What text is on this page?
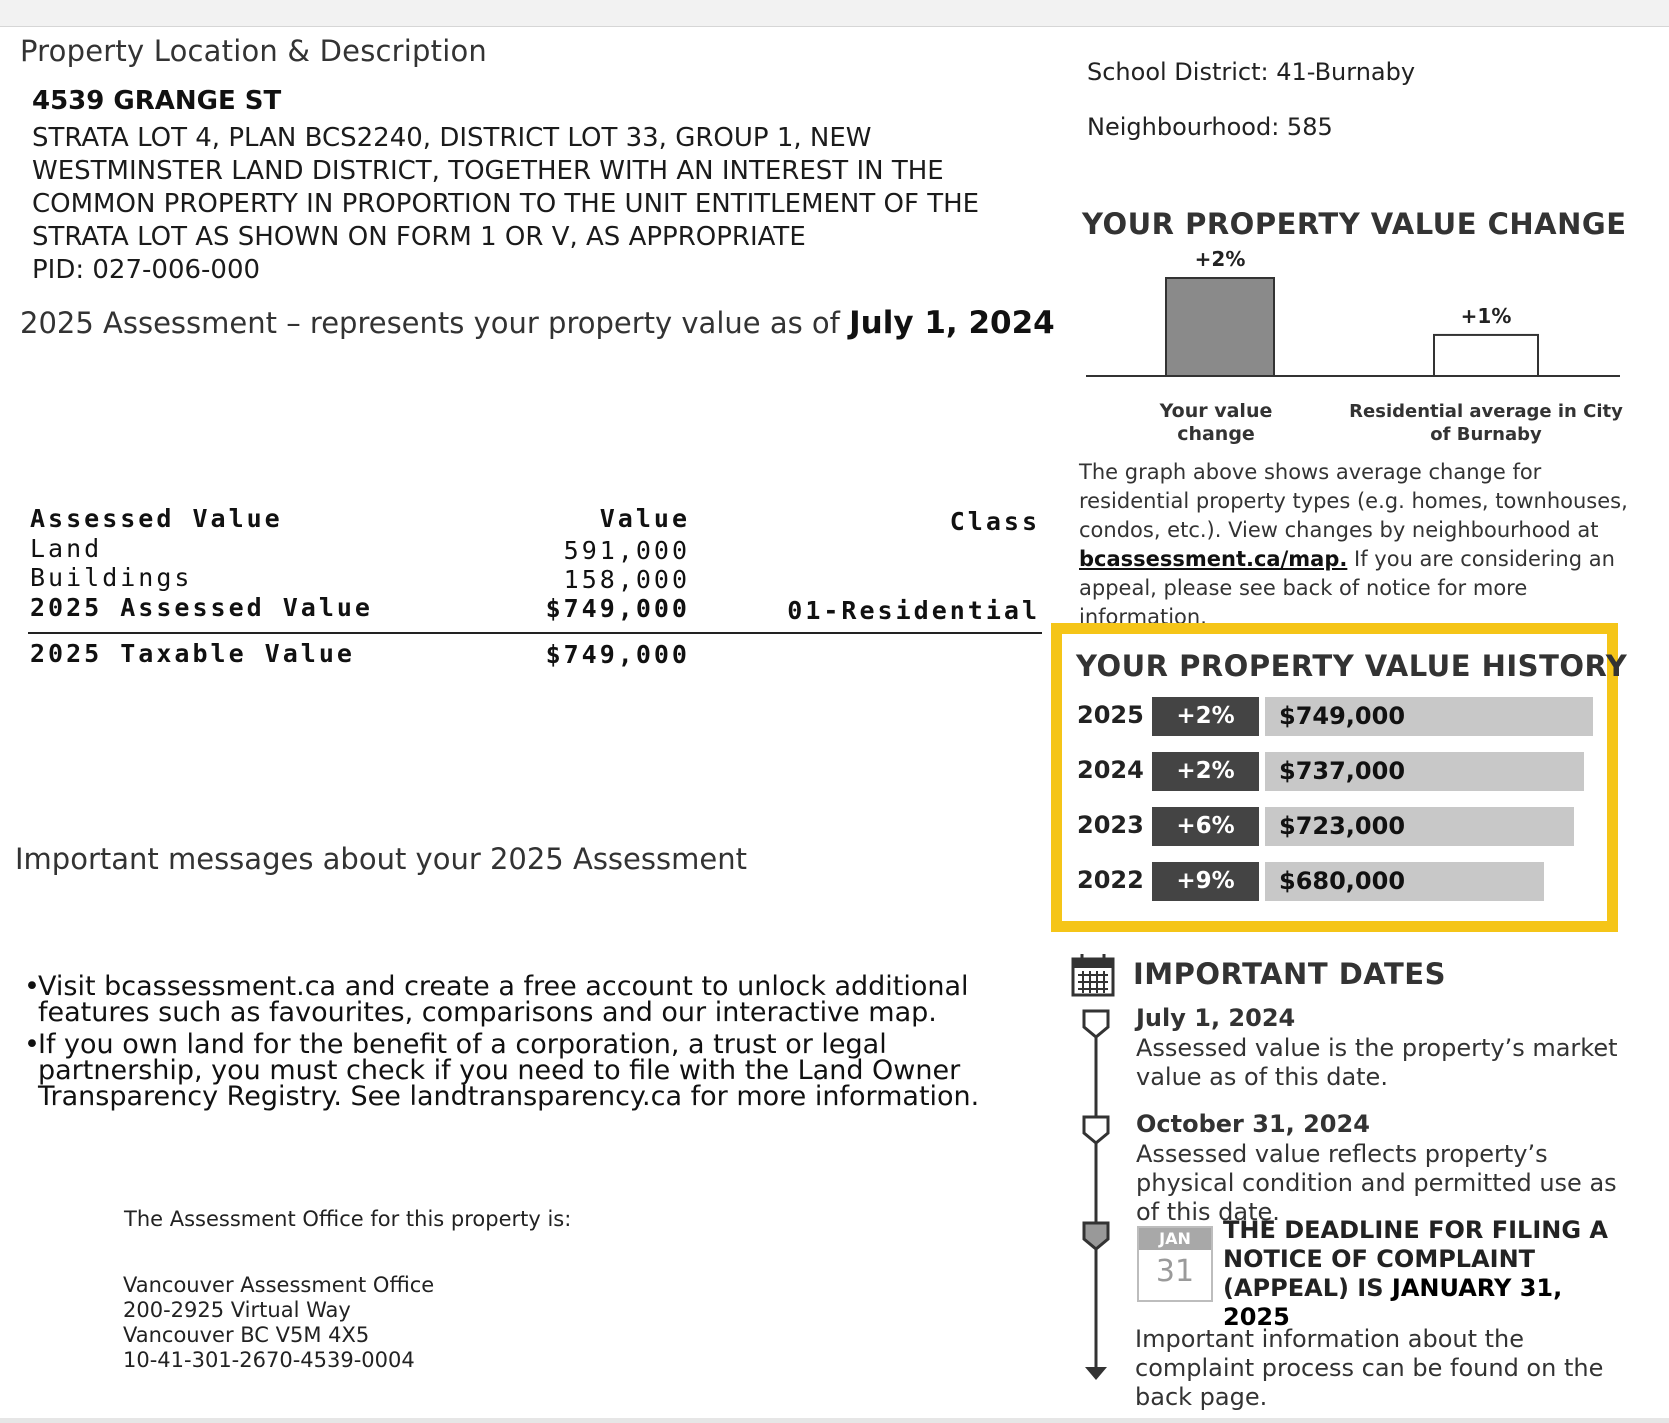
Property Location & Description

4539 GRANGE ST

STRATA LOT 4, PLAN BCS2240, DISTRICT LOT 33, GROUP 1, NEW
WESTMINSTER LAND DISTRICT, TOGETHER WITH AN INTEREST IN THE
COMMON PROPERTY IN PROPORTION TO THE UNIT ENTITLEMENT OF THE
STRATA LOT AS SHOWN ON FORM 1 OR V, AS APPROPRIATE
PID: 027-006-000

2025 Assessment – represents your property value as of July 1, 2024

Assessed Value	Value	Class

Land	591,000

Buildings	158,000

2025 Assessed Value	$749,000	01-Residential

2025 Taxable Value	$749,000

Important messages about your 2025 Assessment

• Visit bcassessment.ca and create a free account to unlock additional features such as favourites, comparisons and our interactive map.
• If you own land for the benefit of a corporation, a trust or legal partnership, you must check if you need to file with the Land Owner Transparency Registry. See landtransparency.ca for more information.

The Assessment Office for this property is:

Vancouver Assessment Office
200-2925 Virtual Way
Vancouver BC V5M 4X5
10-41-301-2670-4539-0004

School District: 41-Burnaby

Neighbourhood: 585

YOUR PROPERTY VALUE CHANGE

+2%
+1%
Your value change
Residential average in City of Burnaby
The graph above shows average change for residential property types (e.g. homes, townhouses, condos, etc.). View changes by neighbourhood at bcassessment.ca/map. If you are considering an appeal, please see back of notice for more information.

YOUR PROPERTY VALUE HISTORY

2025	+2%	$749,000

2024	+2%	$737,000

2023	+6%	$723,000

2022	+9%	$680,000

IMPORTANT DATES

July 1, 2024

Assessed value is the property’s market value as of this date.

October 31, 2024

Assessed value reflects property’s physical condition and permitted use as of this date.
JAN
31
THE DEADLINE FOR FILING A NOTICE OF COMPLAINT (APPEAL) IS JANUARY 31, 2025
Important information about the complaint process can be found on the back page.
